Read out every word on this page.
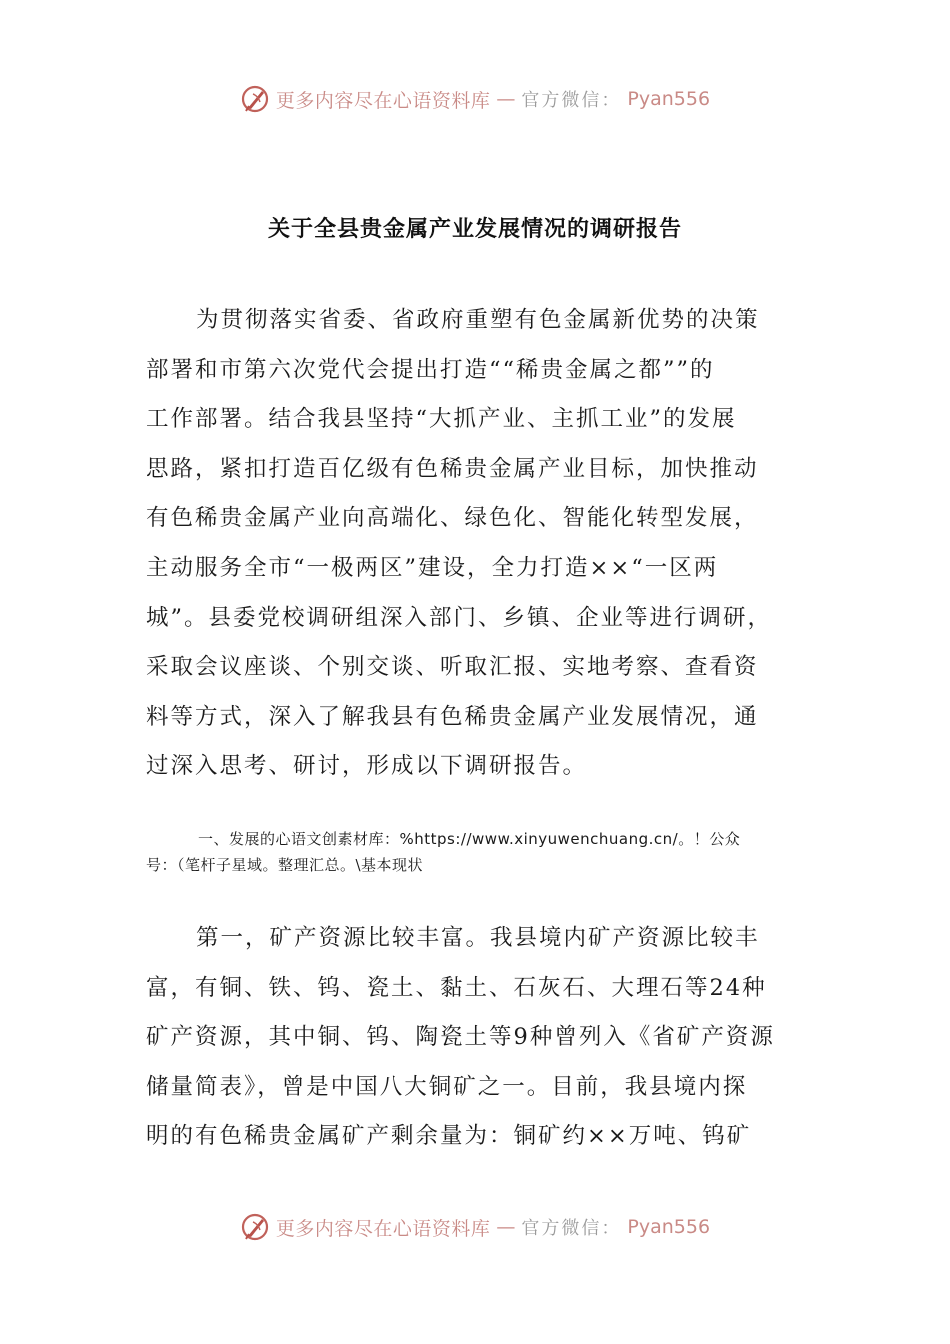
更多内容尽在心语资料库 — 官方微信： Pyan556
关于全县贵金属产业发展情况的调研报告

为贯彻落实省委、省政府重塑有色金属新优势的决策
部署和市第六次党代会提出打造““稀贵金属之都””的
工作部署。结合我县坚持“大抓产业、主抓工业”的发展
思路，紧扣打造百亿级有色稀贵金属产业目标，加快推动
有色稀贵金属产业向高端化、绿色化、智能化转型发展，
主动服务全市“一极两区”建设，全力打造××“一区两
城”。县委党校调研组深入部门、乡镇、企业等进行调研，
采取会议座谈、个别交谈、听取汇报、实地考察、查看资
料等方式，深入了解我县有色稀贵金属产业发展情况，通
过深入思考、研讨，形成以下调研报告。

一、发展的心语文创素材库：%https://www.xinyuwenchuang.cn/。！公众
号：（笔杆子星域。整理汇总。\基本现状

第一，矿产资源比较丰富。我县境内矿产资源比较丰
富，有铜、铁、钨、瓷土、黏土、石灰石、大理石等24种
矿产资源，其中铜、钨、陶瓷土等9种曾列入《省矿产资源
储量简表》，曾是中国八大铜矿之一。目前，我县境内探
明的有色稀贵金属矿产剩余量为：铜矿约××万吨、钨矿

更多内容尽在心语资料库 — 官方微信： Pyan556
